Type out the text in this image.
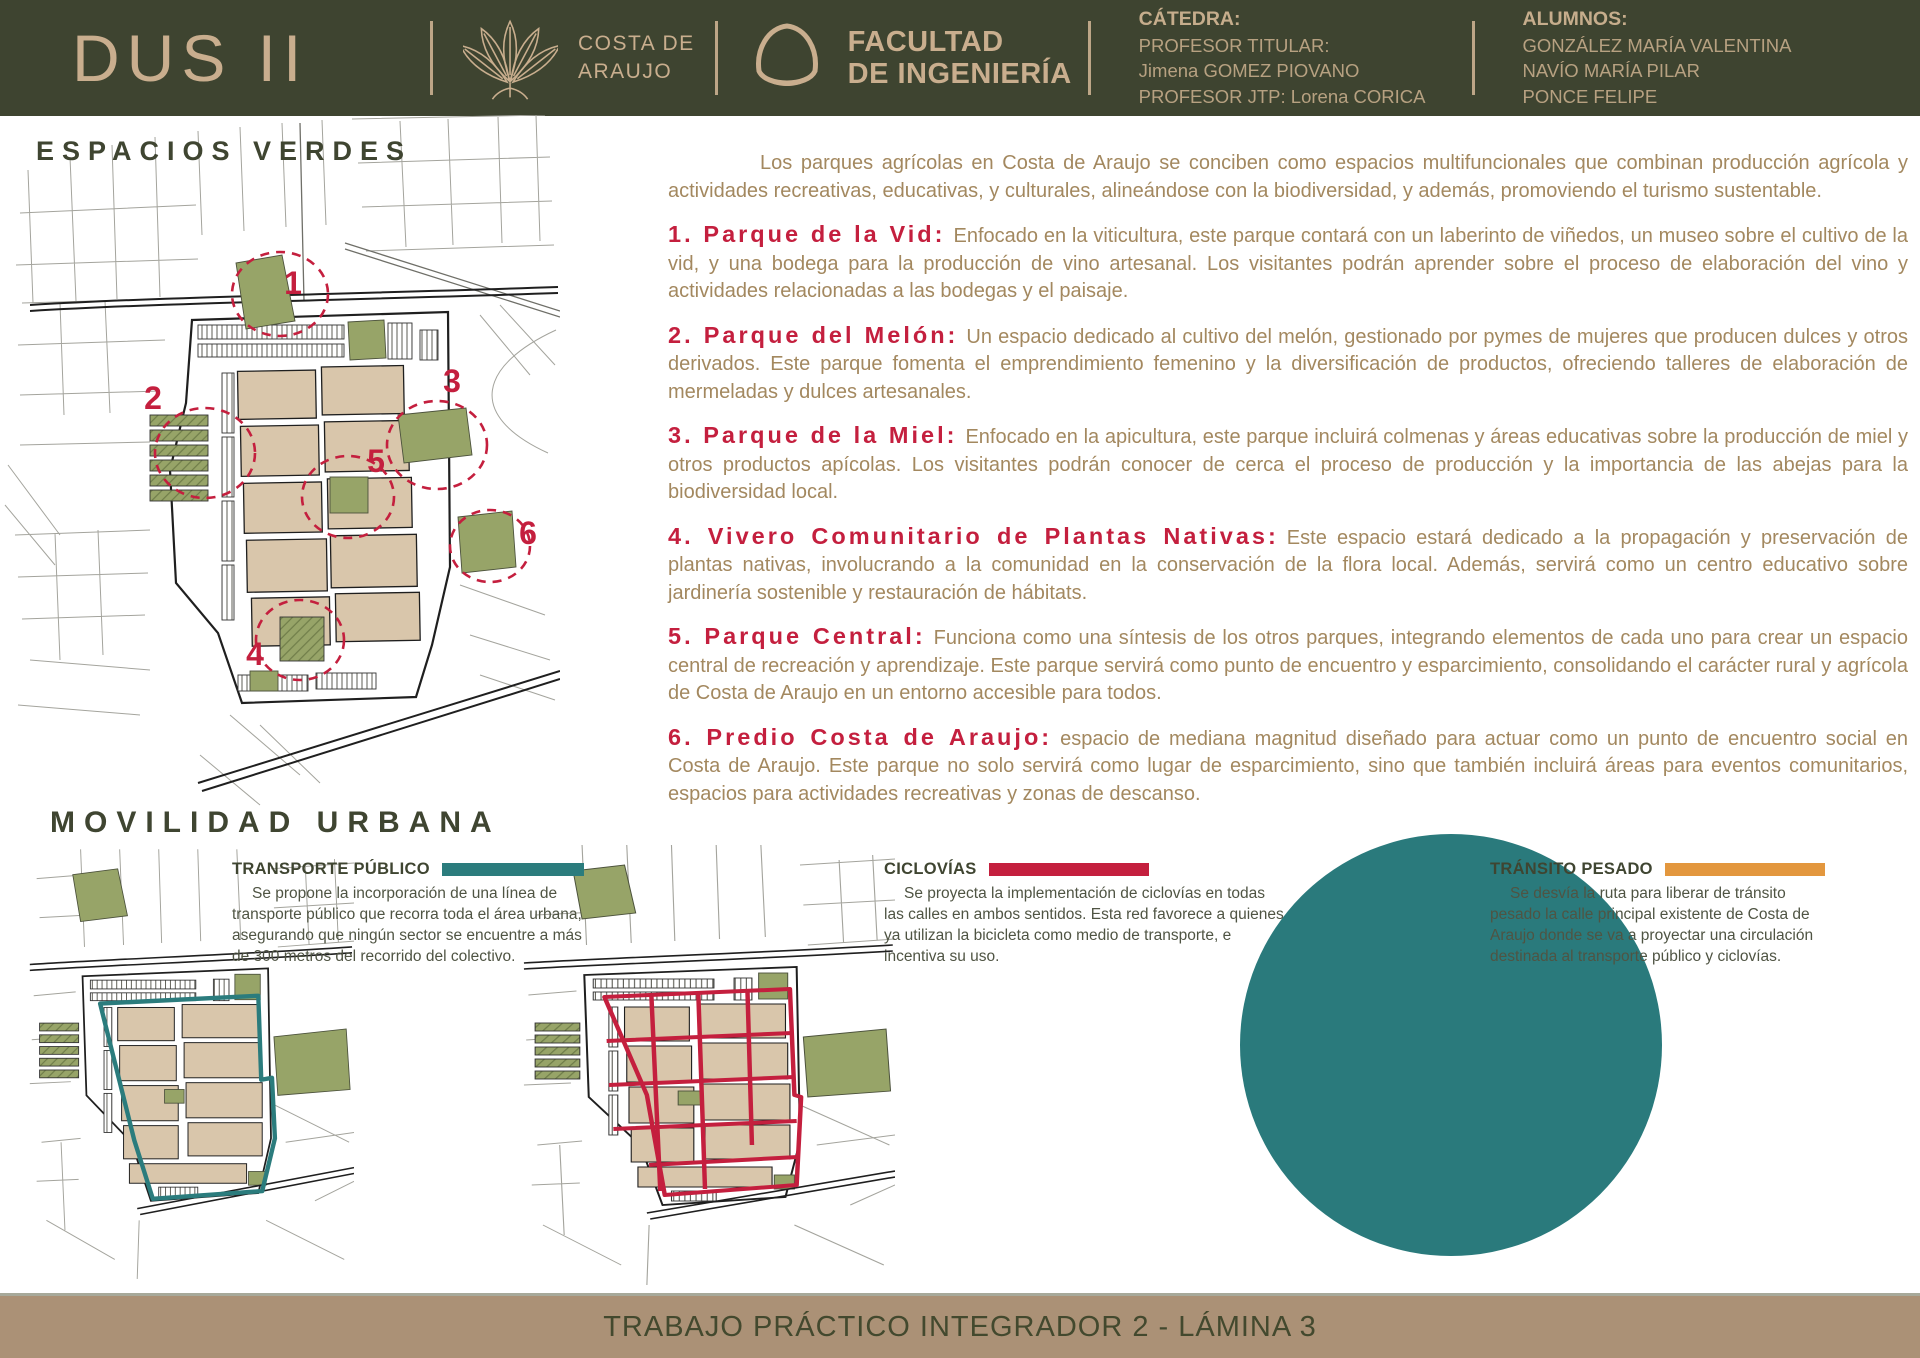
DUS II	COSTA DE
ARAUJO
FACULTAD
DE INGENIERÍA
CÁTEDRA:
PROFESOR TITULAR:
Jimena GOMEZ PIOVANO
PROFESOR JTP: Lorena CORICA
ALUMNOS:
GONZÁLEZ MARÍA VALENTINA
NAVÍO MARÍA PILAR
PONCE FELIPE
ESPACIOS VERDES
MOVILIDAD URBANA
1
2	3
4
5
6

Los parques agrícolas en Costa de Araujo se conciben como espacios multifuncionales que combinan producción agrícola y actividades recreativas, educativas, y culturales, alineándose con la biodiversidad, y además, promoviendo el turismo sustentable.

1. Parque de la Vid: Enfocado en la viticultura, este parque contará con un laberinto de viñedos, un museo sobre el cultivo de la vid, y una bodega para la producción de vino artesanal. Los visitantes podrán aprender sobre el proceso de elaboración del vino y actividades relacionadas a las bodegas y el paisaje.

2. Parque del Melón: Un espacio dedicado al cultivo del melón, gestionado por pymes de mujeres que producen dulces y otros derivados. Este parque fomenta el emprendimiento femenino y la diversificación de productos, ofreciendo talleres de elaboración de mermeladas y dulces artesanales.

3. Parque de la Miel: Enfocado en la apicultura, este parque incluirá colmenas y áreas educativas sobre la producción de miel y otros productos apícolas. Los visitantes podrán conocer de cerca el proceso de producción y la importancia de las abejas para la biodiversidad local.

4. Vivero Comunitario de Plantas Nativas: Este espacio estará dedicado a la propagación y preservación de plantas nativas, involucrando a la comunidad en la conservación de la flora local. Además, servirá como un centro educativo sobre jardinería sostenible y restauración de hábitats.

5. Parque Central: Funciona como una síntesis de los otros parques, integrando elementos de cada uno para crear un espacio central de recreación y aprendizaje. Este parque servirá como punto de encuentro y esparcimiento, consolidando el carácter rural y agrícola de Costa de Araujo en un entorno accesible para todos.

6. Predio Costa de Araujo: espacio de mediana magnitud diseñado para actuar como un punto de encuentro social en Costa de Araujo. Este parque no solo servirá como lugar de esparcimiento, sino que también incluirá áreas para eventos comunitarios, espacios para actividades recreativas y zonas de descanso.

TRANSPORTE PÚBLICO

Se propone la incorporación de una línea de transporte público que recorra toda el área urbana, asegurando que ningún sector se encuentre a más de 300 metros del recorrido del colectivo.

CICLOVÍAS

Se proyecta la implementación de ciclovías en todas las calles en ambos sentidos. Esta red favorece a quienes ya utilizan la bicicleta como medio de transporte, e incentiva su uso.

TRÁNSITO PESADO

Se desvía la ruta para liberar de tránsito pesado la calle principal existente de Costa de Araujo donde se va a proyectar una circulación destinada al transporte público y ciclovías.

TRABAJO PRÁCTICO INTEGRADOR 2 - LÁMINA 3
